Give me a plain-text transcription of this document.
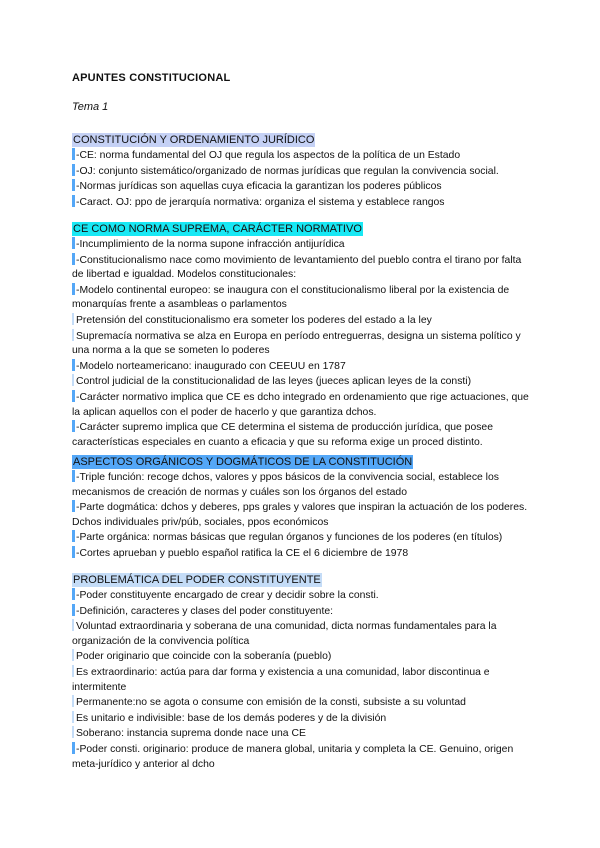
APUNTES CONSTITUCIONAL
Tema 1
CONSTITUCIÓN Y ORDENAMIENTO JURÍDICO
-CE: norma fundamental del OJ que regula los aspectos de la política de un Estado
-OJ: conjunto sistemático/organizado de normas jurídicas que regulan la convivencia social.
-Normas jurídicas son aquellas cuya eficacia la garantizan los poderes públicos
-Caract. OJ: ppo de jerarquía normativa: organiza el sistema y establece rangos
CE COMO NORMA SUPREMA, CARÁCTER NORMATIVO
-Incumplimiento de la norma supone infracción antijurídica
-Constitucionalismo nace como movimiento de levantamiento del pueblo contra el tirano por falta de libertad e igualdad. Modelos constitucionales:
-Modelo continental europeo: se inaugura con el constitucionalismo liberal por la existencia de monarquías frente a asambleas o parlamentos
Pretensión del constitucionalismo era someter los poderes del estado a la ley
Supremacía normativa se alza en Europa en período entreguerras, designa un sistema político y una norma a la que se someten lo poderes
-Modelo norteamericano: inaugurado con CEEUU en 1787
Control judicial de la constitucionalidad de las leyes (jueces aplican leyes de la consti)
-Carácter normativo implica que CE es dcho integrado en ordenamiento que rige actuaciones, que la aplican aquellos con el poder de hacerlo y que garantiza dchos.
-Carácter supremo implica que CE determina el sistema de producción jurídica, que posee características especiales en cuanto a eficacia y que su reforma exige un proced distinto.
ASPECTOS ORGÁNICOS Y DOGMÁTICOS DE LA CONSTITUCIÓN
-Triple función: recoge dchos, valores y ppos básicos de la convivencia social, establece los mecanismos de creación de normas y cuáles son los órganos del estado
-Parte dogmática: dchos y deberes, pps grales y valores que inspiran la actuación de los poderes. Dchos individuales priv/púb, sociales, ppos económicos
-Parte orgánica: normas básicas que regulan órganos y funciones de los poderes (en títulos)
-Cortes aprueban y pueblo español ratifica la CE el 6 diciembre de 1978
PROBLEMÁTICA DEL PODER CONSTITUYENTE
-Poder constituyente encargado de crear y decidir sobre la consti.
-Definición, caracteres y clases del poder constituyente:
Voluntad extraordinaria y soberana de una comunidad, dicta normas fundamentales para la organización de la convivencia política
Poder originario que coincide con la soberanía (pueblo)
Es extraordinario: actúa para dar forma y existencia a una comunidad, labor discontinua e intermitente
Permanente:no se agota o consume con emisión de la consti, subsiste a su voluntad
Es unitario e indivisible: base de los demás poderes y de la división
Soberano: instancia suprema donde nace una CE
-Poder consti. originario: produce de manera global, unitaria y completa la CE. Genuino, origen meta-jurídico y anterior al dcho
